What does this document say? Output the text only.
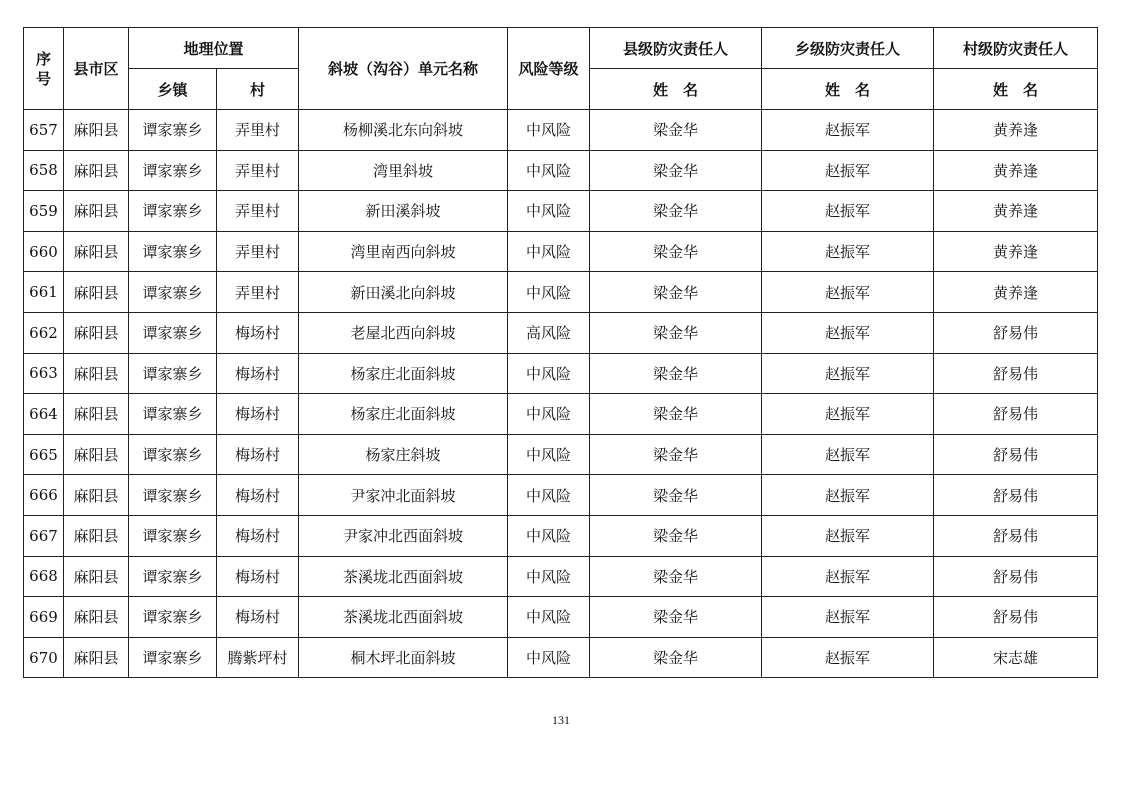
序
号	县市区	地理位置		斜坡（沟谷）单元名称	风险等级	县级防灾责任人	乡级防灾责任人	村级防灾责任人
		乡镇	村			姓　名	姓　名	姓　名
657	麻阳县	谭家寨乡	弄里村	杨柳溪北东向斜坡	中风险	梁金华	赵振军	黄养逢
658	麻阳县	谭家寨乡	弄里村	湾里斜坡	中风险	梁金华	赵振军	黄养逢
659	麻阳县	谭家寨乡	弄里村	新田溪斜坡	中风险	梁金华	赵振军	黄养逢
660	麻阳县	谭家寨乡	弄里村	湾里南西向斜坡	中风险	梁金华	赵振军	黄养逢
661	麻阳县	谭家寨乡	弄里村	新田溪北向斜坡	中风险	梁金华	赵振军	黄养逢
662	麻阳县	谭家寨乡	梅场村	老屋北西向斜坡	高风险	梁金华	赵振军	舒易伟
663	麻阳县	谭家寨乡	梅场村	杨家庄北面斜坡	中风险	梁金华	赵振军	舒易伟
664	麻阳县	谭家寨乡	梅场村	杨家庄北面斜坡	中风险	梁金华	赵振军	舒易伟
665	麻阳县	谭家寨乡	梅场村	杨家庄斜坡	中风险	梁金华	赵振军	舒易伟
666	麻阳县	谭家寨乡	梅场村	尹家冲北面斜坡	中风险	梁金华	赵振军	舒易伟
667	麻阳县	谭家寨乡	梅场村	尹家冲北西面斜坡	中风险	梁金华	赵振军	舒易伟
668	麻阳县	谭家寨乡	梅场村	茶溪垅北西面斜坡	中风险	梁金华	赵振军	舒易伟
669	麻阳县	谭家寨乡	梅场村	茶溪垅北西面斜坡	中风险	梁金华	赵振军	舒易伟
670	麻阳县	谭家寨乡	腾紫坪村	桐木坪北面斜坡	中风险	梁金华	赵振军	宋志雄
131
